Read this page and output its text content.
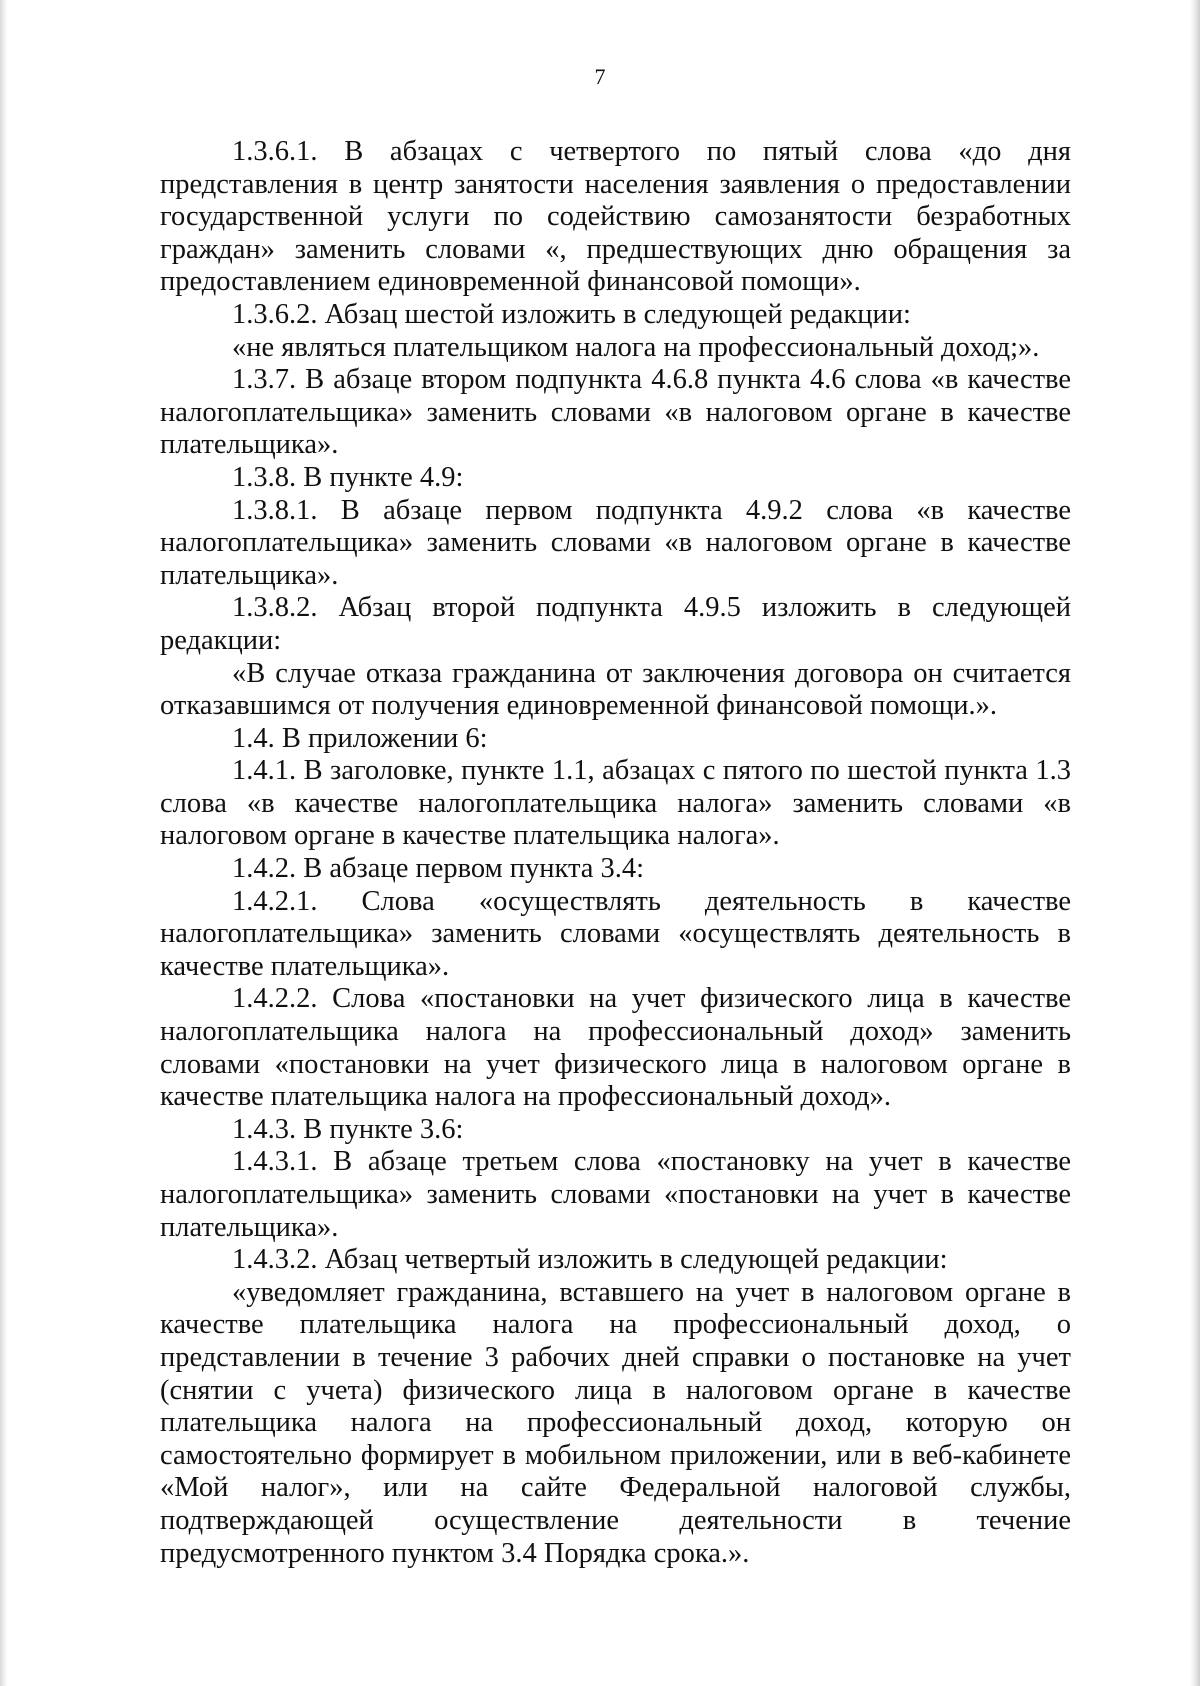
7

1.3.6.1. В абзацах с четвертого по пятый слова «до дня представления в центр занятости населения заявления о предоставлении государственной услуги по содействию самозанятости безработных граждан» заменить словами «, предшествующих дню обращения за предоставлением единовременной финансовой помощи».

1.3.6.2. Абзац шестой изложить в следующей редакции:

«не являться плательщиком налога на профессиональный доход;».

1.3.7. В абзаце втором подпункта 4.6.8 пункта 4.6 слова «в качестве налогоплательщика» заменить словами «в налоговом органе в качестве плательщика».

1.3.8. В пункте 4.9:

1.3.8.1. В абзаце первом подпункта 4.9.2 слова «в качестве налогоплательщика» заменить словами «в налоговом органе в качестве плательщика».

1.3.8.2. Абзац второй подпункта 4.9.5 изложить в следующей редакции:

«В случае отказа гражданина от заключения договора он считается отказавшимся от получения единовременной финансовой помощи.».

1.4. В приложении 6:

1.4.1. В заголовке, пункте 1.1, абзацах с пятого по шестой пункта 1.3 слова «в качестве налогоплательщика налога» заменить словами «в налоговом органе в качестве плательщика налога».

1.4.2. В абзаце первом пункта 3.4:

1.4.2.1. Слова «осуществлять деятельность в качестве налогоплательщика» заменить словами «осуществлять деятельность в качестве плательщика».

1.4.2.2. Слова «постановки на учет физического лица в качестве налогоплательщика налога на профессиональный доход» заменить словами «постановки на учет физического лица в налоговом органе в качестве плательщика налога на профессиональный доход».

1.4.3. В пункте 3.6:

1.4.3.1. В абзаце третьем слова «постановку на учет в качестве налогоплательщика» заменить словами «постановки на учет в качестве плательщика».

1.4.3.2. Абзац четвертый изложить в следующей редакции:

«уведомляет гражданина, вставшего на учет в налоговом органе в качестве плательщика налога на профессиональный доход, о представлении в течение 3 рабочих дней справки о постановке на учет (снятии с учета) физического лица в налоговом органе в качестве плательщика налога на профессиональный доход, которую он самостоятельно формирует в мобильном приложении, или в веб-кабинете «Мой налог», или на сайте Федеральной налоговой службы, подтверждающей осуществление деятельности в течение предусмотренного пунктом 3.4 Порядка срока.».
